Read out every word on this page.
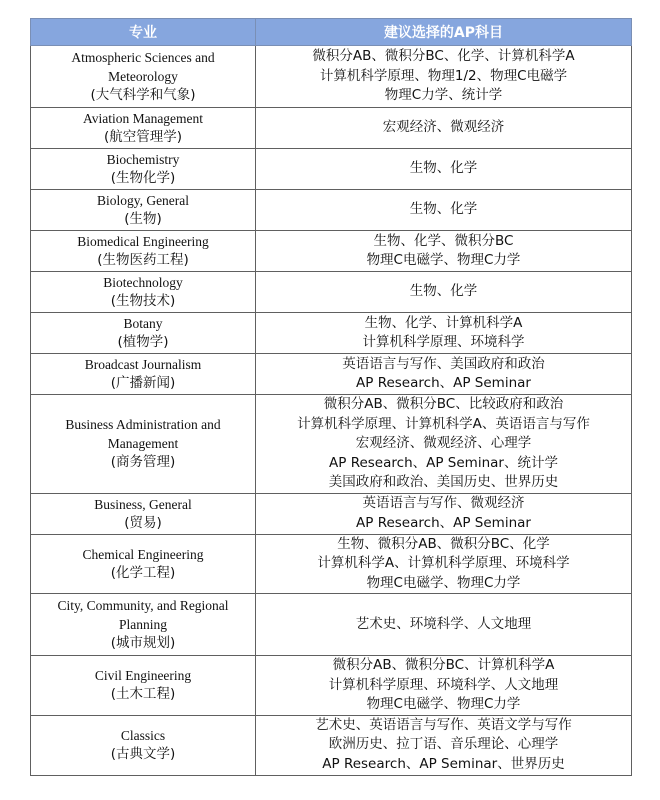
专业	建议选择的AP科目

Atmospheric Sciences and
Meteorology
(大气科学和气象)	微积分AB、微积分BC、化学、计算机科学A
计算机科学原理、物理1/2、物理C电磁学
物理C力学、统计学

Aviation Management
(航空管理学)	宏观经济、微观经济

Biochemistry
(生物化学)	生物、化学

Biology, General
(生物)	生物、化学

Biomedical Engineering
(生物医药工程)	生物、化学、微积分BC
物理C电磁学、物理C力学

Biotechnology
(生物技术)	生物、化学

Botany
(植物学)	生物、化学、计算机科学A
计算机科学原理、环境科学

Broadcast Journalism
(广播新闻)	英语语言与写作、美国政府和政治
AP Research、AP Seminar

Business Administration and
Management
(商务管理)	微积分AB、微积分BC、比较政府和政治
计算机科学原理、计算机科学A、英语语言与写作
宏观经济、微观经济、心理学
AP Research、AP Seminar、统计学
美国政府和政治、美国历史、世界历史

Business, General
(贸易)	英语语言与写作、微观经济
AP Research、AP Seminar

Chemical Engineering
(化学工程)	生物、微积分AB、微积分BC、化学
计算机科学A、计算机科学原理、环境科学
物理C电磁学、物理C力学

City, Community, and Regional
Planning
(城市规划)	艺术史、环境科学、人文地理

Civil Engineering
(土木工程)	微积分AB、微积分BC、计算机科学A
计算机科学原理、环境科学、人文地理
物理C电磁学、物理C力学

Classics
(古典文学)	艺术史、英语语言与写作、英语文学与写作
欧洲历史、拉丁语、音乐理论、心理学
AP Research、AP Seminar、世界历史
